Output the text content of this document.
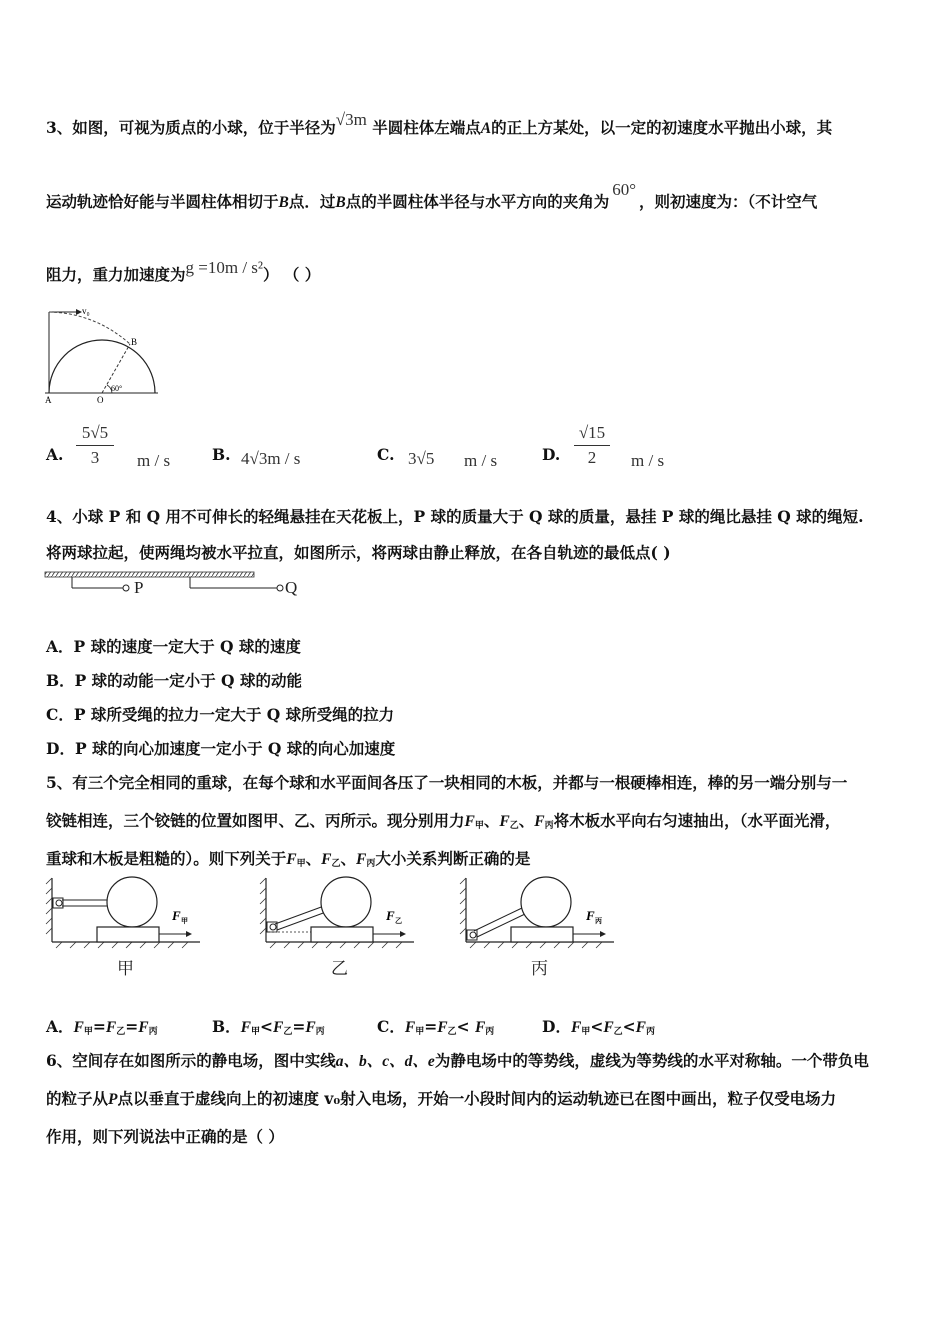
3、如图，可视为质点的小球，位于半径为√3m 半圆柱体左端点A的正上方某处，以一定的初速度水平抛出小球，其
运动轨迹恰好能与半圆柱体相切于B点．过B点的半圆柱体半径与水平方向的夹角为60°，则初速度为：（不计空气
阻力，重力加速度为g =10m / s²） （ ）
v₀
B
A	O
60°
A.
5√5
3	m / s	B. 4√3m / s	C. 3√5 m / s	D.
√15
2	m / s
4、小球 P 和 Q 用不可伸长的轻绳悬挂在天花板上，P 球的质量大于 Q 球的质量，悬挂 P 球的绳比悬挂 Q 球的绳短.
将两球拉起，使两绳均被水平拉直，如图所示，将两球由静止释放，在各自轨迹的最低点( )
P	Q
A．P 球的速度一定大于 Q 球的速度
B．P 球的动能一定小于 Q 球的动能
C．P 球所受绳的拉力一定大于 Q 球所受绳的拉力
D．P 球的向心加速度一定小于 Q 球的向心加速度
5、有三个完全相同的重球，在每个球和水平面间各压了一块相同的木板，并都与一根硬棒相连，棒的另一端分别与一
铰链相连，三个铰链的位置如图甲、乙、丙所示。现分别用力$F_甲$、$F_乙$、$F_丙$将木板水平向右匀速抽出，（水平面光滑，
重球和木板是粗糙的）。则下列关于$F_甲$、$F_乙$、$F_丙$大小关系判断正确的是
F 甲
甲
F 乙
乙
F 丙
丙
A．$F_甲=F_乙=F_丙$	B．$F_甲<F_乙=F_丙$	C．$F_甲=F_乙< F_丙$	D．$F_甲<F_乙<F_丙$
6、空间存在如图所示的静电场，图中实线a、b、c、d、e为静电场中的等势线，虚线为等势线的水平对称轴。一个带负电
的粒子从P点以垂直于虚线向上的初速度 v₀射入电场，开始一小段时间内的运动轨迹已在图中画出，粒子仅受电场力
作用，则下列说法中正确的是（ ）
